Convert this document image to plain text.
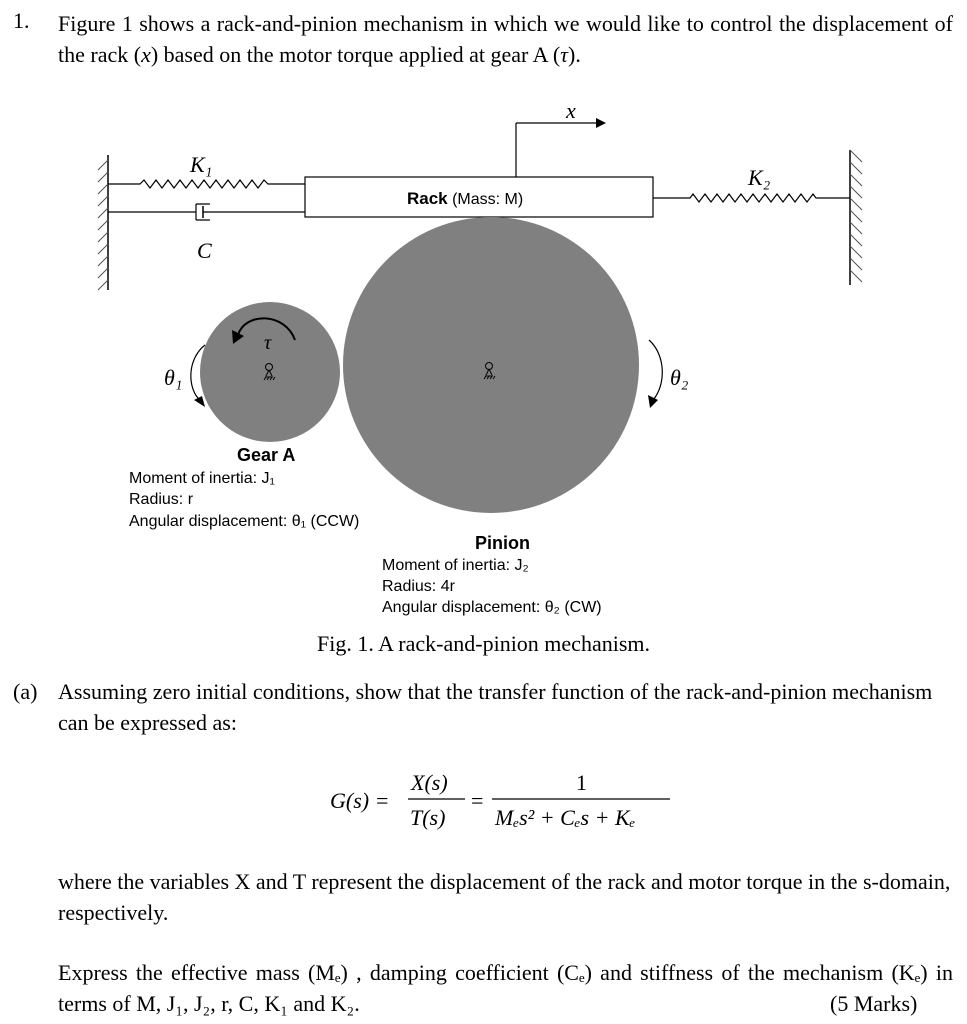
1. Figure 1 shows a rack-and-pinion mechanism in which we would like to control the displacement of the rack (x) based on the motor torque applied at gear A (τ).
K₁
C
Rack (Mass: M)
x
K₂
τ
θ₁	θ₂
Gear A
Moment of inertia: J₁
Radius: r
Angular displacement: θ₁ (CCW)
Pinion
Moment of inertia: J₂
Radius: 4r
Angular displacement: θ₂ (CW)
Fig. 1. A rack-and-pinion mechanism.
(a) Assuming zero initial conditions, show that the transfer function of the rack-and-pinion mechanism can be expressed as:
G(s) =
X(s)
T(s)
=
1
Mₑs² + Cₑs + Kₑ
where the variables X and T represent the displacement of the rack and motor torque in the s-domain, respectively.
Express the effective mass (Mₑ) , damping coefficient (Cₑ) and stiffness of the mechanism (Kₑ) in terms of M, J₁, J₂, r, C, K₁ and K₂.	(5 Marks)
